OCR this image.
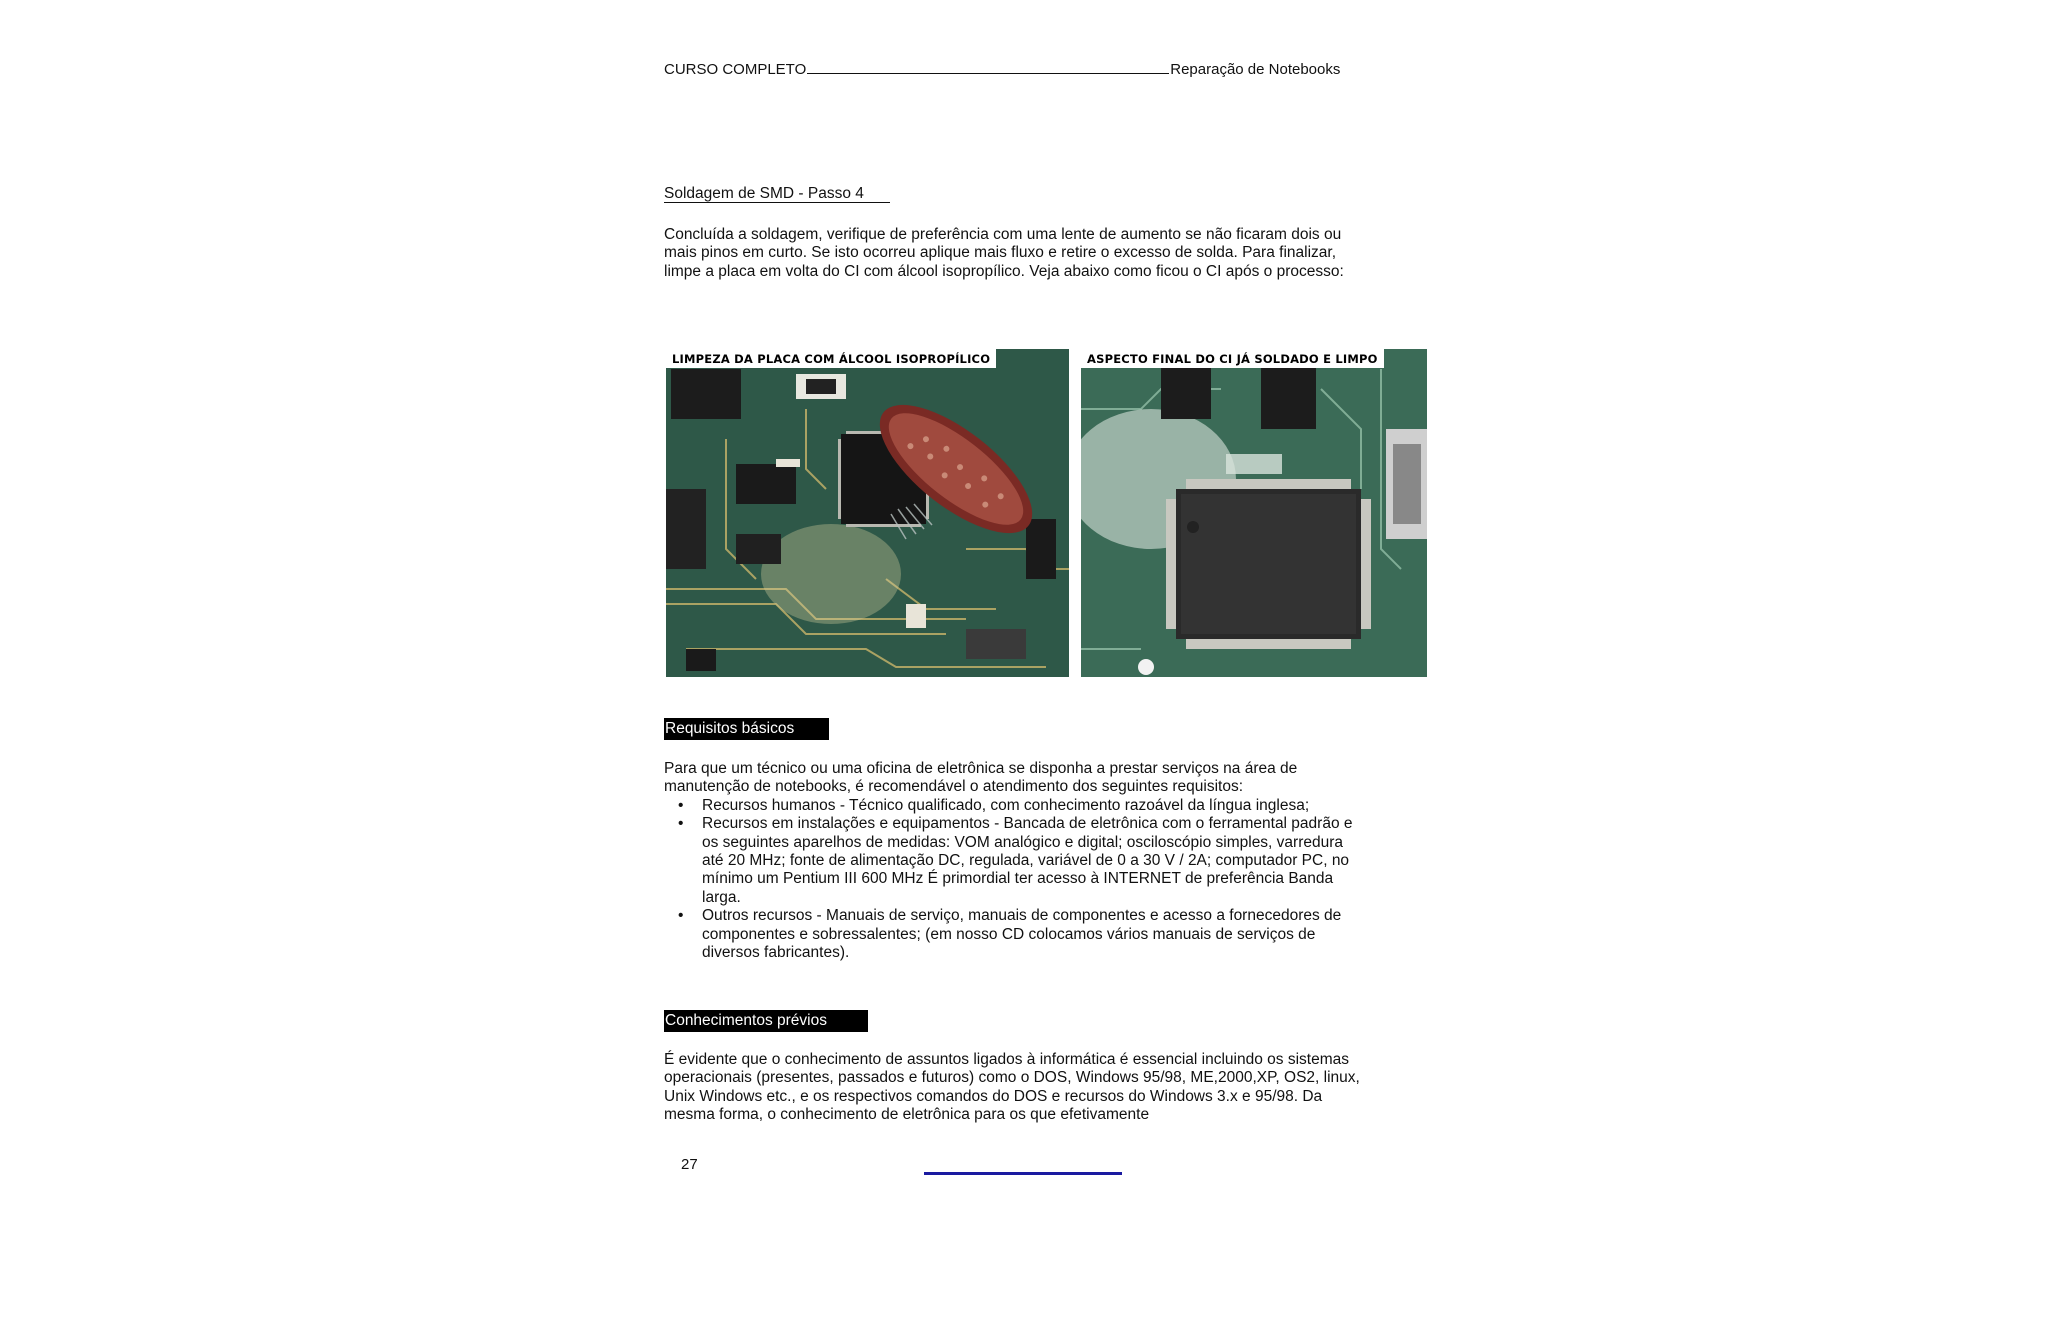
CURSO COMPLETO	Reparação de Notebooks
Soldagem de SMD - Passo 4
Concluída a soldagem, verifique de preferência com uma lente de aumento se não ficaram dois ou mais pinos em curto. Se isto ocorreu aplique mais fluxo e retire o excesso de solda. Para finalizar, limpe a placa em volta do CI com álcool isopropílico. Veja abaixo como ficou o CI após o processo:
LIMPEZA DA PLACA COM ÁLCOOL ISOPROPÍLICO	ASPECTO FINAL DO CI JÁ SOLDADO E LIMPO
Requisitos básicos
Para que um técnico ou uma oficina de eletrônica se disponha a prestar serviços na área de manutenção de notebooks, é recomendável o atendimento dos seguintes requisitos:
• Recursos humanos - Técnico qualificado, com conhecimento razoável da língua inglesa;
• Recursos em instalações e equipamentos - Bancada de eletrônica com o ferramental padrão e os seguintes aparelhos de medidas: VOM analógico e digital; osciloscópio simples, varredura até 20 MHz; fonte de alimentação DC, regulada, variável de 0 a 30 V / 2A; computador PC, no mínimo um Pentium III 600 MHz É primordial ter acesso à INTERNET de preferência Banda larga.
• Outros recursos - Manuais de serviço, manuais de componentes e acesso a fornecedores de componentes e sobressalentes; (em nosso CD colocamos vários manuais de serviços de diversos fabricantes).
Conhecimentos prévios
É evidente que o conhecimento de assuntos ligados à informática é essencial incluindo os sistemas operacionais (presentes, passados e futuros) como o DOS, Windows 95/98, ME,2000,XP, OS2, linux, Unix Windows etc., e os respectivos comandos do DOS e recursos do Windows 3.x e 95/98. Da mesma forma, o conhecimento de eletrônica para os que efetivamente
27
